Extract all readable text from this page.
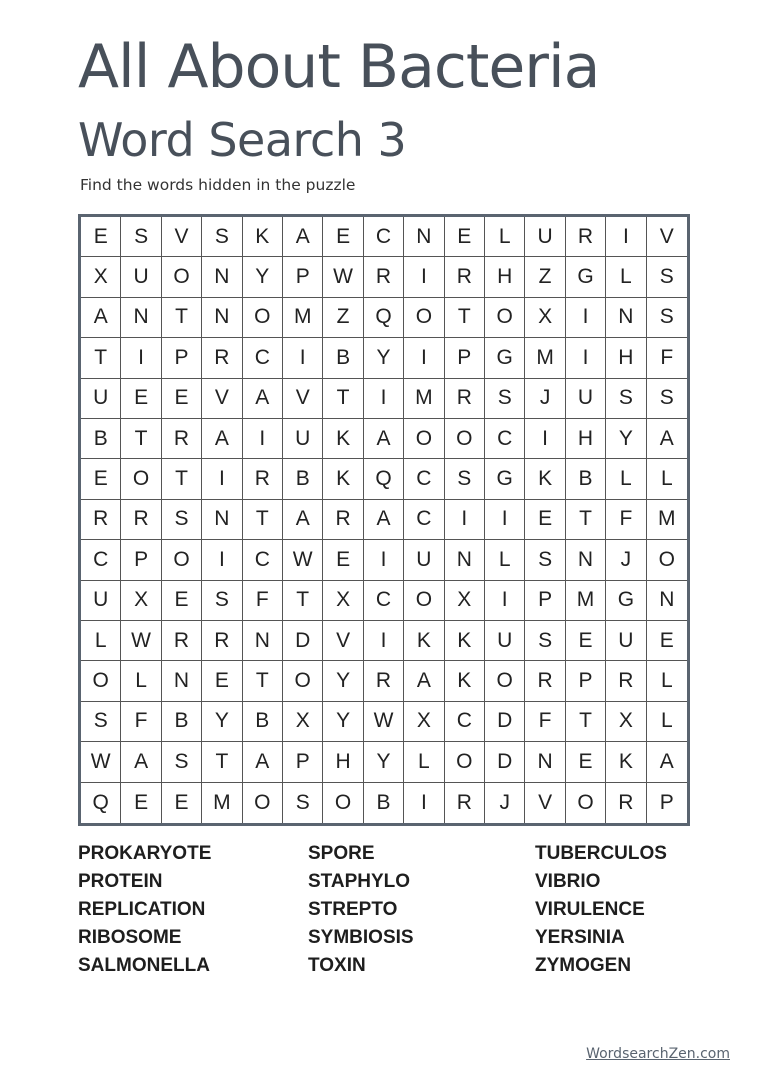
All About Bacteria
Word Search 3

Find the words hidden in the puzzle

E	S	V	S	K	A	E	C	N	E	L	U	R	I	V
X	U	O	N	Y	P	W	R	I	R	H	Z	G	L	S
A	N	T	N	O	M	Z	Q	O	T	O	X	I	N	S
T	I	P	R	C	I	B	Y	I	P	G	M	I	H	F
U	E	E	V	A	V	T	I	M	R	S	J	U	S	S
B	T	R	A	I	U	K	A	O	O	C	I	H	Y	A
E	O	T	I	R	B	K	Q	C	S	G	K	B	L	L
R	R	S	N	T	A	R	A	C	I	I	E	T	F	M
C	P	O	I	C	W	E	I	U	N	L	S	N	J	O
U	X	E	S	F	T	X	C	O	X	I	P	M	G	N
L	W	R	R	N	D	V	I	K	K	U	S	E	U	E
O	L	N	E	T	O	Y	R	A	K	O	R	P	R	L
S	F	B	Y	B	X	Y	W	X	C	D	F	T	X	L
W	A	S	T	A	P	H	Y	L	O	D	N	E	K	A
Q	E	E	M	O	S	O	B	I	R	J	V	O	R	P
PROKARYOTE
PROTEIN
REPLICATION
RIBOSOME
SALMONELLA
SPORE
STAPHYLO
STREPTO
SYMBIOSIS
TOXIN
TUBERCULOS
VIBRIO
VIRULENCE
YERSINIA
ZYMOGEN

WordsearchZen.com
